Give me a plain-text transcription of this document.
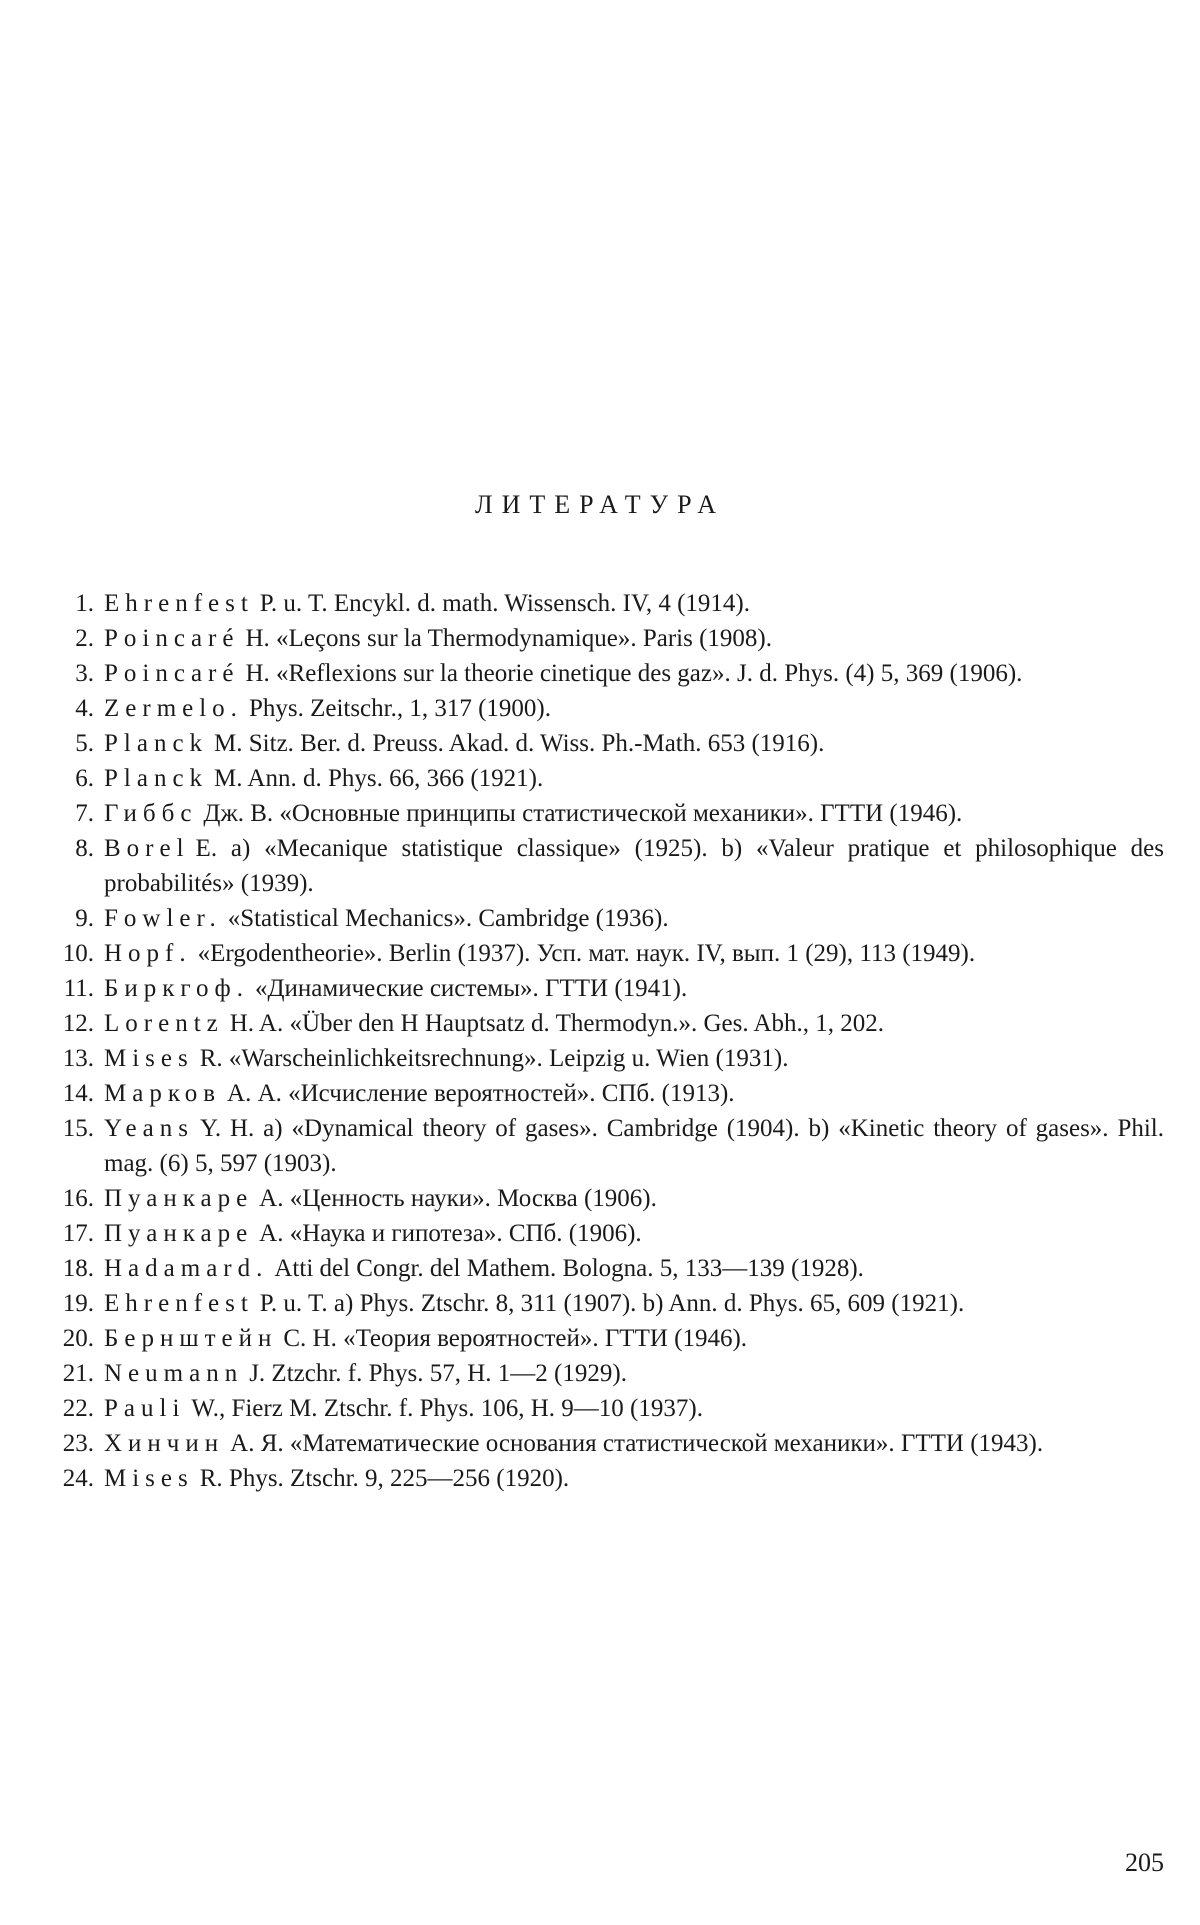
ЛИТЕРАТУРА
1. Ehrenfest P. u. T. Encykl. d. math. Wissensch. IV, 4 (1914).
2. Poincaré H. «Leçons sur la Thermodynamique». Paris (1908).
3. Poincaré H. «Reflexions sur la theorie cinetique des gaz». J. d. Phys. (4) 5, 369 (1906).
4. Zermelo. Phys. Zeitschr., 1, 317 (1900).
5. Planck M. Sitz. Ber. d. Preuss. Akad. d. Wiss. Ph.-Math. 653 (1916).
6. Planck M. Ann. d. Phys. 66, 366 (1921).
7. Гиббс Дж. В. «Основные принципы статистической механики». ГТТИ (1946).
8. Borel E. a) «Mecanique statistique classique» (1925). b) «Valeur pratique et philosophique des probabilités» (1939).
9. Fowler. «Statistical Mechanics». Cambridge (1936).
10. Hopf. «Ergodentheorie». Berlin (1937). Усп. мат. наук. IV, вып. 1 (29), 113 (1949).
11. Биркгоф. «Динамические системы». ГТТИ (1941).
12. Lorentz H. A. «Über den H Hauptsatz d. Thermodyn.». Ges. Abh., 1, 202.
13. Mises R. «Warscheinlichkeitsrechnung». Leipzig u. Wien (1931).
14. Марков А. А. «Исчисление вероятностей». СПб. (1913).
15. Yeans Y. H. a) «Dynamical theory of gases». Cambridge (1904). b) «Kinetic theory of gases». Phil. mag. (6) 5, 597 (1903).
16. Пуанкаре А. «Ценность науки». Москва (1906).
17. Пуанкаре А. «Наука и гипотеза». СПб. (1906).
18. Hadamard. Atti del Congr. del Mathem. Bologna. 5, 133—139 (1928).
19. Ehrenfest P. u. T. a) Phys. Ztschr. 8, 311 (1907). b) Ann. d. Phys. 65, 609 (1921).
20. Бернштейн С. Н. «Теория вероятностей». ГТТИ (1946).
21. Neumann J. Ztzchr. f. Phys. 57, H. 1—2 (1929).
22. Pauli W., Fierz M. Ztschr. f. Phys. 106, H. 9—10 (1937).
23. Хинчин А. Я. «Математические основания статистической механики». ГТТИ (1943).
24. Mises R. Phys. Ztschr. 9, 225—256 (1920).
205
